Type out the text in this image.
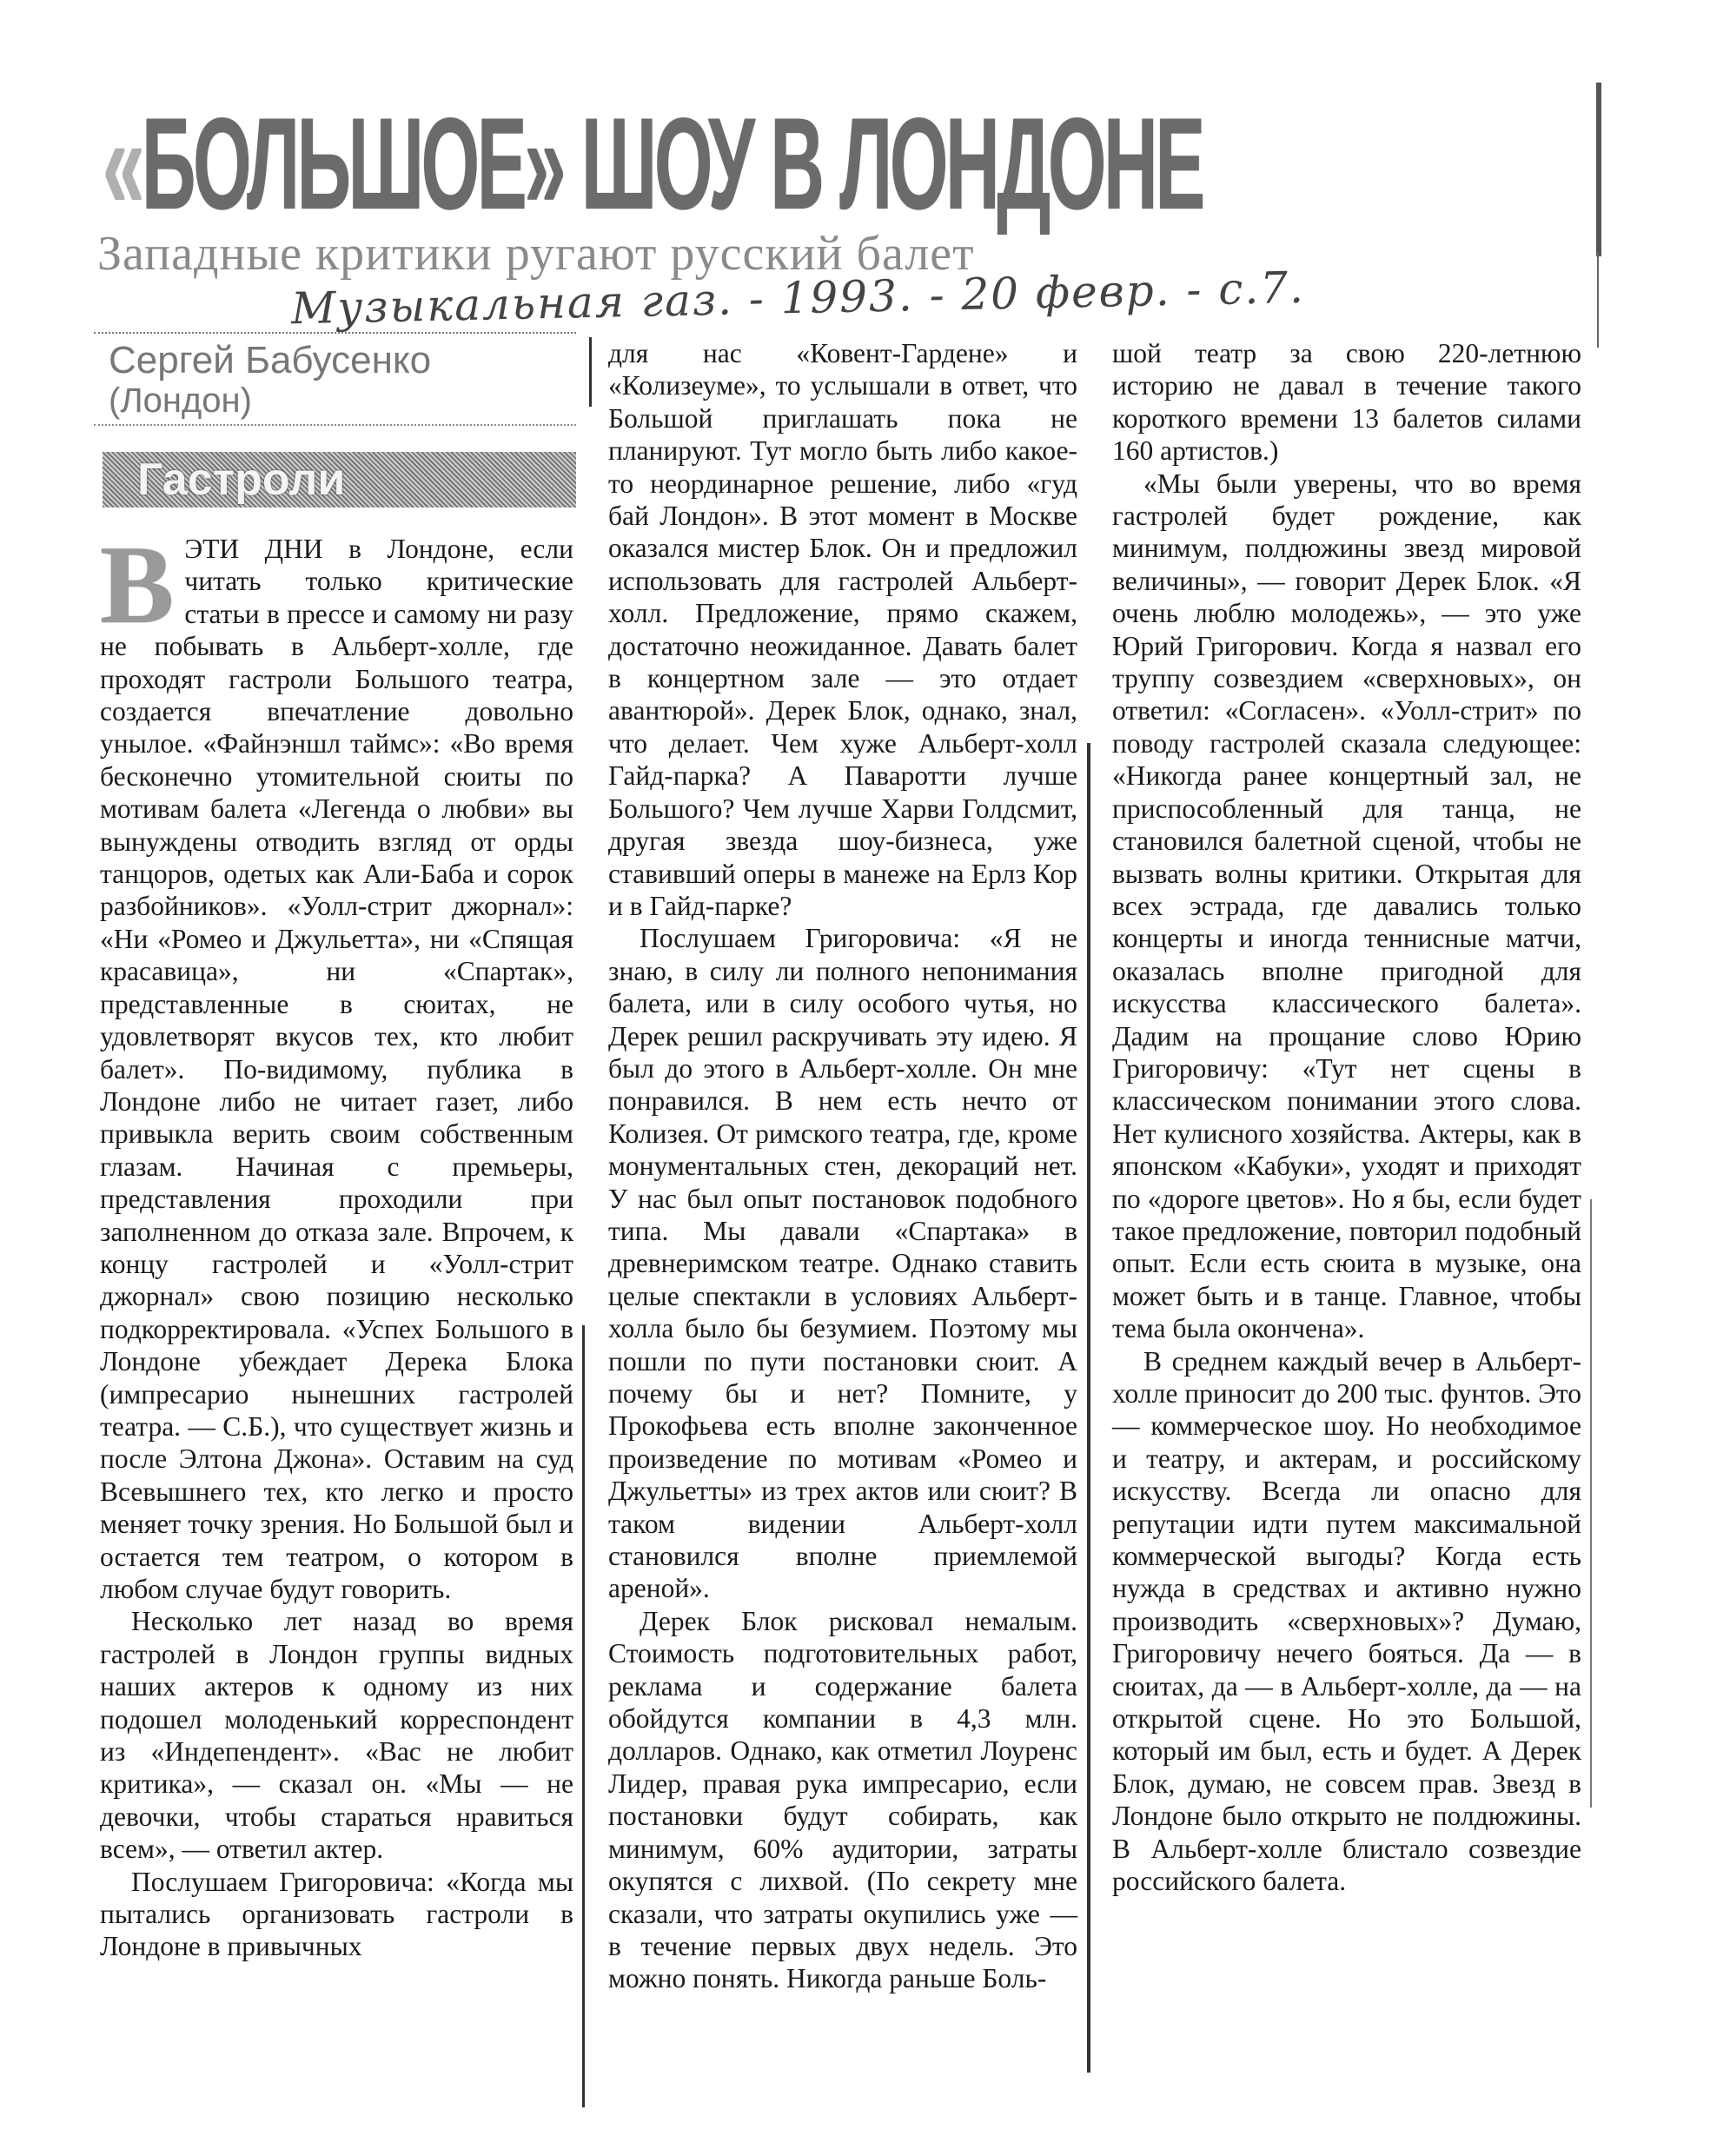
«БОЛЬШОЕ» ШОУ В ЛОНДОНЕ
Западные критики ругают русский балет
Музыкальная газ. - 1993. - 20 февр. - с.7.
Сергей Бабусенко
(Лондон)
Гастроли

ВЭТИ ДНИ в Лондоне, если читать только критические статьи в прессе и самому ни разу не побывать в Альберт-холле, где проходят гастроли Большого театра, создается впечатление довольно унылое. «Файнэншл таймс»: «Во время бесконечно утомительной сюиты по мотивам балета «Легенда о любви» вы вынуждены отводить взгляд от орды танцоров, одетых как Али-Баба и сорок разбойников». «Уолл-стрит джорнал»: «Ни «Ромео и Джульетта», ни «Спящая красавица», ни «Спартак», представленные в сюитах, не удовлетворят вкусов тех, кто любит балет». По-видимому, публика в Лондоне либо не читает газет, либо привыкла верить своим собственным глазам. Начиная с премьеры, представления проходили при заполненном до отказа зале. Впрочем, к концу гастролей и «Уолл-стрит джорнал» свою позицию несколько подкорректировала. «Успех Большого в Лондоне убеждает Дерека Блока (импресарио нынешних гастролей театра. — С.Б.), что существует жизнь и после Элтона Джона». Оставим на суд Всевышнего тех, кто легко и просто меняет точку зрения. Но Большой был и остается тем театром, о котором в любом случае будут говорить.

Несколько лет назад во время гастролей в Лондон группы видных наших актеров к одному из них подошел молоденький корреспондент из «Индепендент». «Вас не любит критика», — сказал он. «Мы — не девочки, чтобы стараться нравиться всем», — ответил актер.

Послушаем Григоровича: «Когда мы пытались организовать гастроли в Лондоне в привычных

для нас «Ковент-Гардене» и «Колизеуме», то услышали в ответ, что Большой приглашать пока не планируют. Тут могло быть либо какое-то неординарное решение, либо «гуд бай Лондон». В этот момент в Москве оказался мистер Блок. Он и предложил использовать для гастролей Альберт-холл. Предложение, прямо скажем, достаточно неожиданное. Давать балет в концертном зале — это отдает авантюрой». Дерек Блок, однако, знал, что делает. Чем хуже Альберт-холл Гайд-парка? А Паваротти лучше Большого? Чем лучше Харви Голдсмит, другая звезда шоу-бизнеса, уже ставивший оперы в манеже на Ерлз Кор и в Гайд-парке?

Послушаем Григоровича: «Я не знаю, в силу ли полного непонимания балета, или в силу особого чутья, но Дерек решил раскручивать эту идею. Я был до этого в Альберт-холле. Он мне понравился. В нем есть нечто от Колизея. От римского театра, где, кроме монументальных стен, декораций нет. У нас был опыт постановок подобного типа. Мы давали «Спартака» в древнеримском театре. Однако ставить целые спектакли в условиях Альберт-холла было бы безумием. Поэтому мы пошли по пути постановки сюит. А почему бы и нет? Помните, у Прокофьева есть вполне законченное произведение по мотивам «Ромео и Джульетты» из трех актов или сюит? В таком видении Альберт-холл становился вполне приемлемой ареной».

Дерек Блок рисковал немалым. Стоимость подготовительных работ, реклама и содержание балета обойдутся компании в 4,3 млн. долларов. Однако, как отметил Лоуренс Лидер, правая рука импресарио, если постановки будут собирать, как минимум, 60% аудитории, затраты окупятся с лихвой. (По секрету мне сказали, что затраты окупились уже — в течение первых двух недель. Это можно понять. Никогда раньше Боль-

шой театр за свою 220-летнюю историю не давал в течение такого короткого времени 13 балетов силами 160 артистов.)

«Мы были уверены, что во время гастролей будет рождение, как минимум, полдюжины звезд мировой величины», — говорит Дерек Блок. «Я очень люблю молодежь», — это уже Юрий Григорович. Когда я назвал его труппу созвездием «сверхновых», он ответил: «Согласен». «Уолл-стрит» по поводу гастролей сказала следующее: «Никогда ранее концертный зал, не приспособленный для танца, не становился балетной сценой, чтобы не вызвать волны критики. Открытая для всех эстрада, где давались только концерты и иногда теннисные матчи, оказалась вполне пригодной для искусства классического балета». Дадим на прощание слово Юрию Григоровичу: «Тут нет сцены в классическом понимании этого слова. Нет кулисного хозяйства. Актеры, как в японском «Кабуки», уходят и приходят по «дороге цветов». Но я бы, если будет такое предложение, повторил подобный опыт. Если есть сюита в музыке, она может быть и в танце. Главное, чтобы тема была окончена».

В среднем каждый вечер в Альберт-холле приносит до 200 тыс. фунтов. Это — коммерческое шоу. Но необходимое и театру, и актерам, и российскому искусству. Всегда ли опасно для репутации идти путем максимальной коммерческой выгоды? Когда есть нужда в средствах и активно нужно производить «сверхновых»? Думаю, Григоровичу нечего бояться. Да — в сюитах, да — в Альберт-холле, да — на открытой сцене. Но это Большой, который им был, есть и будет. А Дерек Блок, думаю, не совсем прав. Звезд в Лондоне было открыто не полдюжины. В Альберт-холле блистало созвездие российского балета.
